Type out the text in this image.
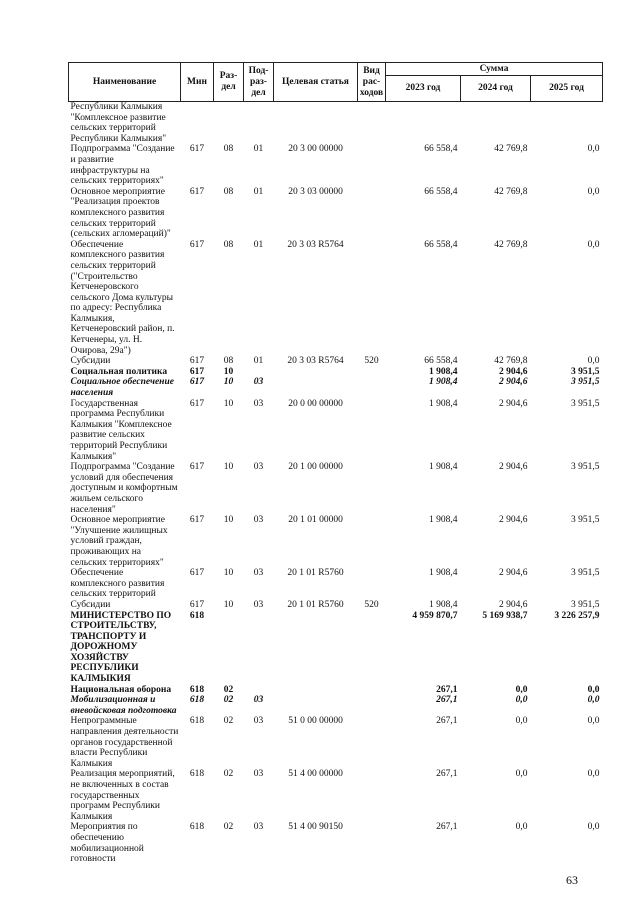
Наименование	Мин	Раз-дел	Под-раз-дел	Целевая статья	Вид рас-ходов	Сумма		
						2023 год	2024 год	2025 год
Республики Калмыкия "Комплексное развитие сельских территорий Республики Калмыкия"								
Подпрограмма "Создание и развитие инфраструктуры на сельских территориях"	617	08	01	20 3 00 00000		66 558,4	42 769,8	0,0
Основное мероприятие "Реализация проектов комплексного развития сельских территорий (сельских агломераций)"	617	08	01	20 3 03 00000		66 558,4	42 769,8	0,0
Обеспечение комплексного развития сельских территорий ("Строительство Кетченеровского сельского Дома культуры по адресу: Республика Калмыкия, Кетченеровский район, п. Кетченеры, ул. Н. Очирова, 29а")	617	08	01	20 3 03 R5764		66 558,4	42 769,8	0,0
Субсидии	617	08	01	20 3 03 R5764	520	66 558,4	42 769,8	0,0
Социальная политика	617	10				1 908,4	2 904,6	3 951,5
Социальное обеспечение населения	617	10	03			1 908,4	2 904,6	3 951,5
Государственная программа Республики Калмыкия "Комплексное развитие сельских территорий Республики Калмыкия"	617	10	03	20 0 00 00000		1 908,4	2 904,6	3 951,5
Подпрограмма "Создание условий для обеспечения доступным и комфортным жильем сельского населения"	617	10	03	20 1 00 00000		1 908,4	2 904,6	3 951,5
Основное мероприятие "Улучшение жилищных условий граждан, проживающих на сельских территориях"	617	10	03	20 1 01 00000		1 908,4	2 904,6	3 951,5
Обеспечение комплексного развития сельских территорий	617	10	03	20 1 01 R5760		1 908,4	2 904,6	3 951,5
Субсидии	617	10	03	20 1 01 R5760	520	1 908,4	2 904,6	3 951,5
МИНИСТЕРСТВО ПО СТРОИТЕЛЬСТВУ, ТРАНСПОРТУ И ДОРОЖНОМУ ХОЗЯЙСТВУ РЕСПУБЛИКИ КАЛМЫКИЯ	618					4 959 870,7	5 169 938,7	3 226 257,9
Национальная оборона	618	02				267,1	0,0	0,0
Мобилизационная и вневойсковая подготовка	618	02	03			267,1	0,0	0,0
Непрограммные направления деятельности органов государственной власти Республики Калмыкия	618	02	03	51 0 00 00000		267,1	0,0	0,0
Реализация мероприятий, не включенных в состав государственных программ Республики Калмыкия	618	02	03	51 4 00 00000		267,1	0,0	0,0
Мероприятия по обеспечению мобилизационной готовности	618	02	03	51 4 00 90150		267,1	0,0	0,0
63
